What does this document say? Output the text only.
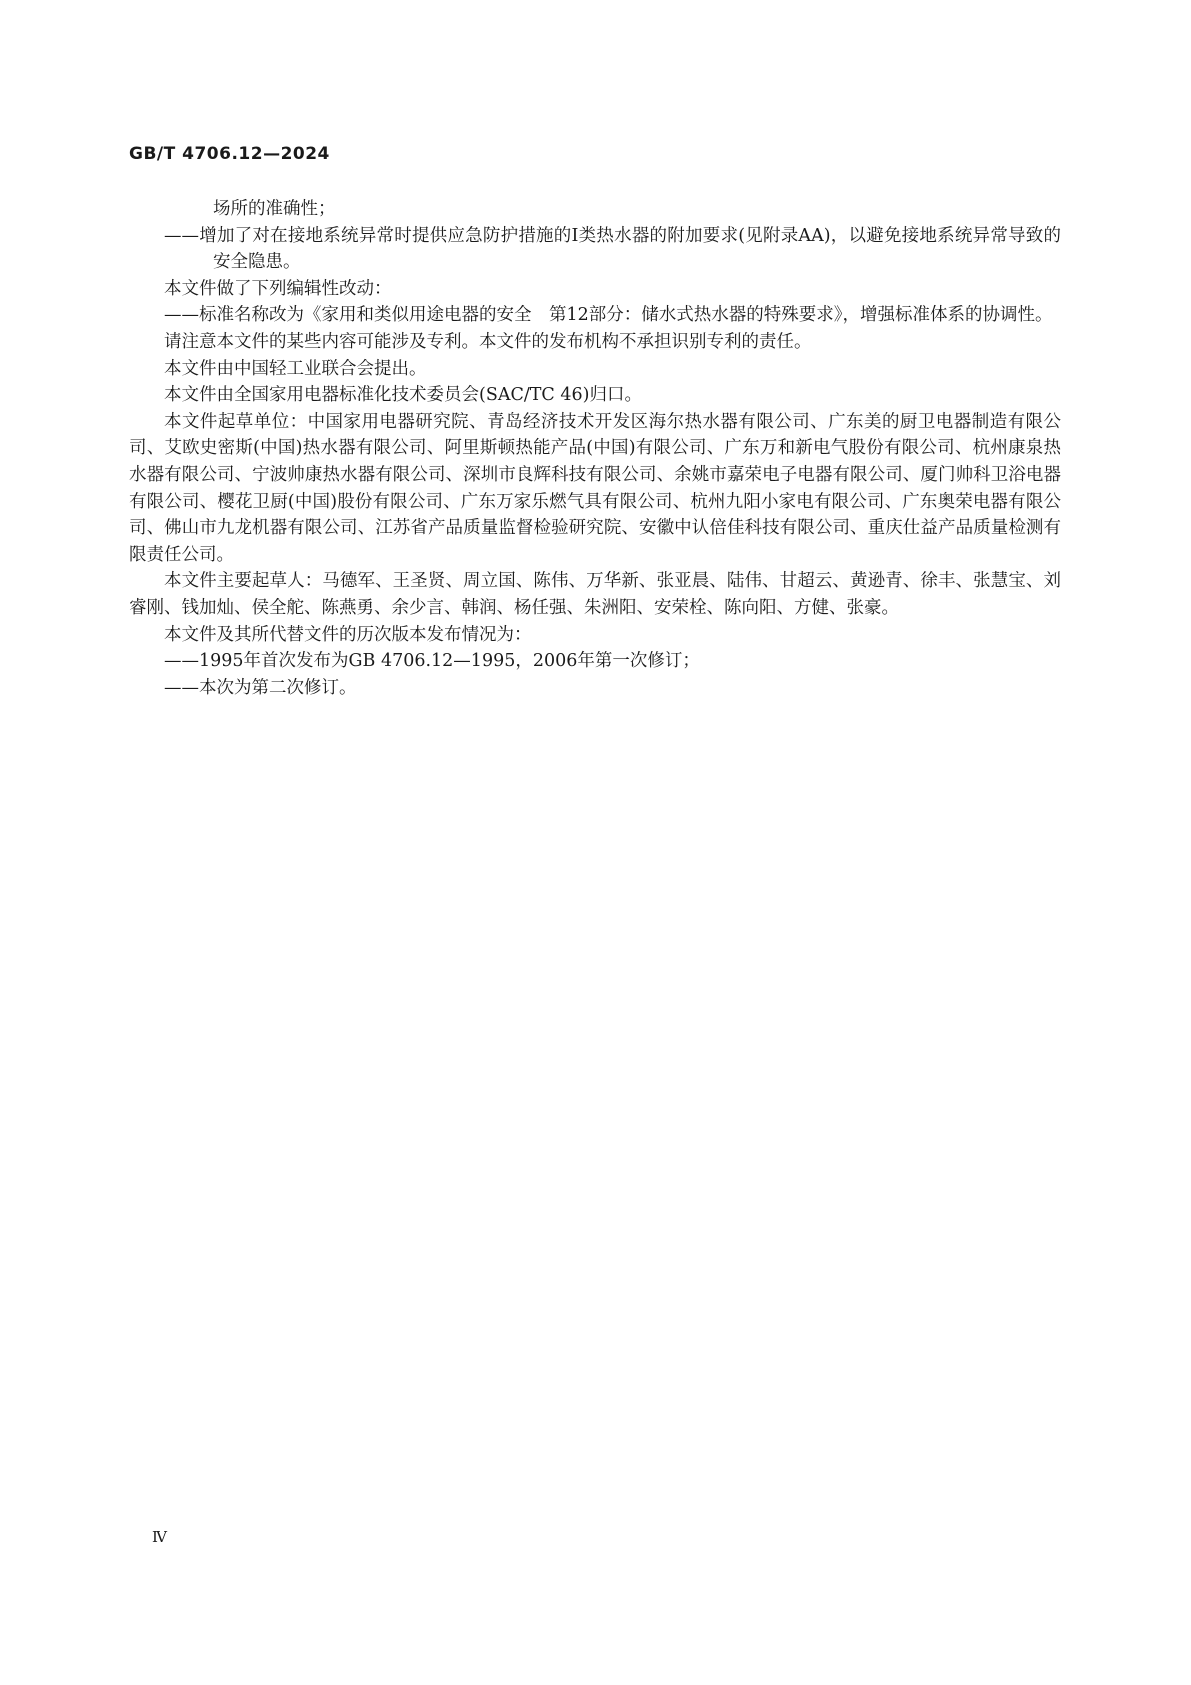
GB/T 4706.12—2024

场所的准确性；

——增加了对在接地系统异常时提供应急防护措施的Ⅰ类热水器的附加要求(见附录AA)，以避免接地系统异常导致的安全隐患。

本文件做了下列编辑性改动：

——标准名称改为《家用和类似用途电器的安全　第12部分：储水式热水器的特殊要求》，增强标准体系的协调性。

请注意本文件的某些内容可能涉及专利。本文件的发布机构不承担识别专利的责任。

本文件由中国轻工业联合会提出。

本文件由全国家用电器标准化技术委员会(SAC/TC 46)归口。

本文件起草单位：中国家用电器研究院、青岛经济技术开发区海尔热水器有限公司、广东美的厨卫电器制造有限公司、艾欧史密斯(中国)热水器有限公司、阿里斯顿热能产品(中国)有限公司、广东万和新电气股份有限公司、杭州康泉热水器有限公司、宁波帅康热水器有限公司、深圳市良辉科技有限公司、余姚市嘉荣电子电器有限公司、厦门帅科卫浴电器有限公司、樱花卫厨(中国)股份有限公司、广东万家乐燃气具有限公司、杭州九阳小家电有限公司、广东奥荣电器有限公司、佛山市九龙机器有限公司、江苏省产品质量监督检验研究院、安徽中认倍佳科技有限公司、重庆仕益产品质量检测有限责任公司。

本文件主要起草人：马德军、王圣贤、周立国、陈伟、万华新、张亚晨、陆伟、甘超云、黄逊青、徐丰、张慧宝、刘睿刚、钱加灿、侯全舵、陈燕勇、余少言、韩润、杨任强、朱洲阳、安荣栓、陈向阳、方健、张豪。

本文件及其所代替文件的历次版本发布情况为：

——1995年首次发布为GB 4706.12—1995，2006年第一次修订；

——本次为第二次修订。

Ⅳ
